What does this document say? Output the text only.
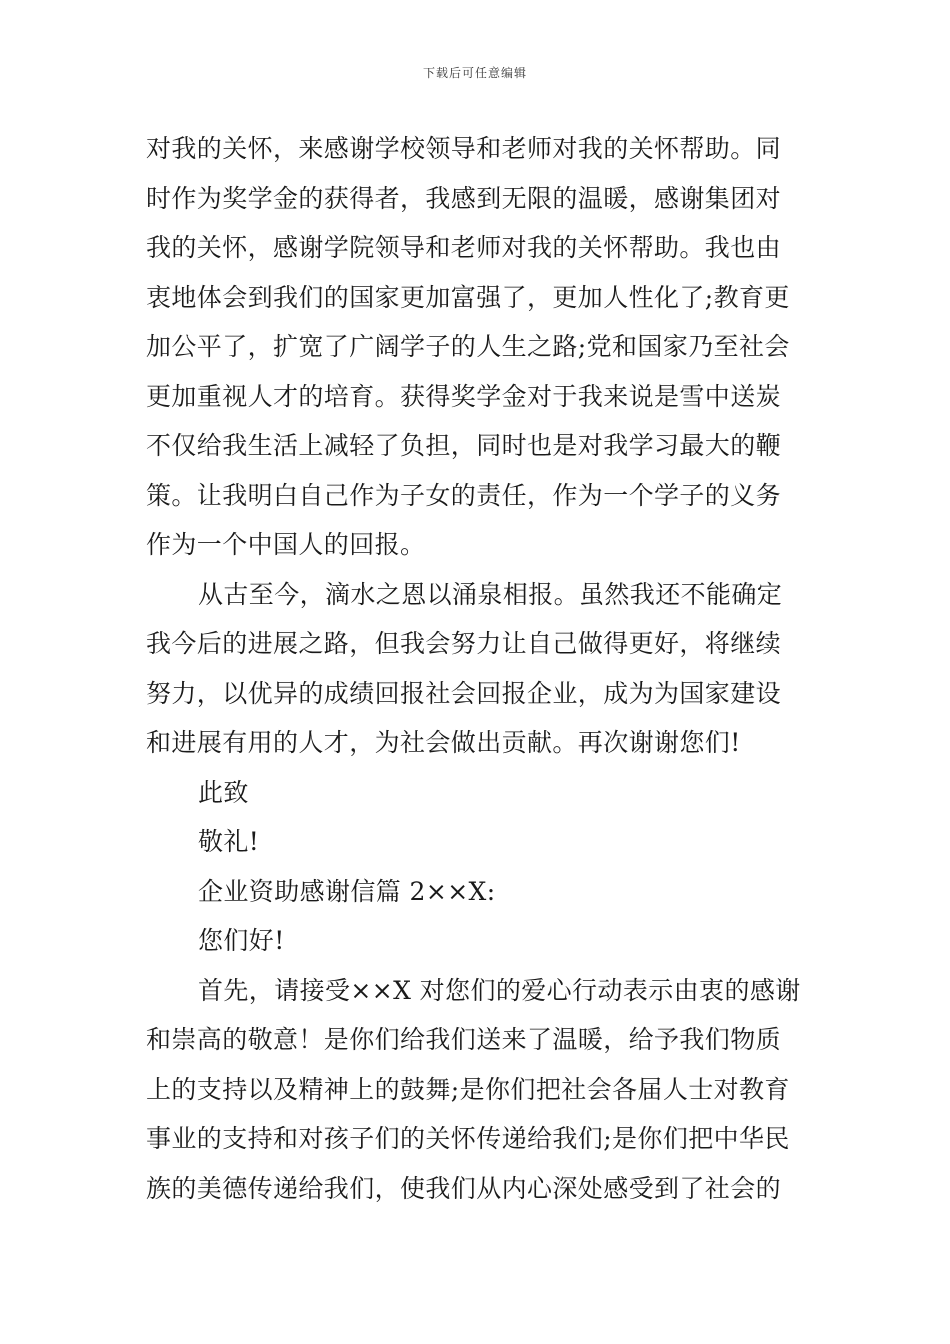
下载后可任意编辑
对我的关怀，来感谢学校领导和老师对我的关怀帮助。同
时作为奖学金的获得者，我感到无限的温暖，感谢集团对
我的关怀，感谢学院领导和老师对我的关怀帮助。我也由
衷地体会到我们的国家更加富强了，更加人性化了;教育更
加公平了，扩宽了广阔学子的人生之路;党和国家乃至社会
更加重视人才的培育。获得奖学金对于我来说是雪中送炭
不仅给我生活上减轻了负担，同时也是对我学习最大的鞭
策。让我明白自己作为子女的责任，作为一个学子的义务
作为一个中国人的回报。
从古至今，滴水之恩以涌泉相报。虽然我还不能确定
我今后的进展之路，但我会努力让自己做得更好，将继续
努力，以优异的成绩回报社会回报企业，成为为国家建设
和进展有用的人才，为社会做出贡献。再次谢谢您们!
此致
敬礼!
企业资助感谢信篇 2××X:
您们好!
首先，请接受××X 对您们的爱心行动表示由衷的感谢
和崇高的敬意！是你们给我们送来了温暖，给予我们物质
上的支持以及精神上的鼓舞;是你们把社会各届人士对教育
事业的支持和对孩子们的关怀传递给我们;是你们把中华民
族的美德传递给我们，使我们从内心深处感受到了社会的
